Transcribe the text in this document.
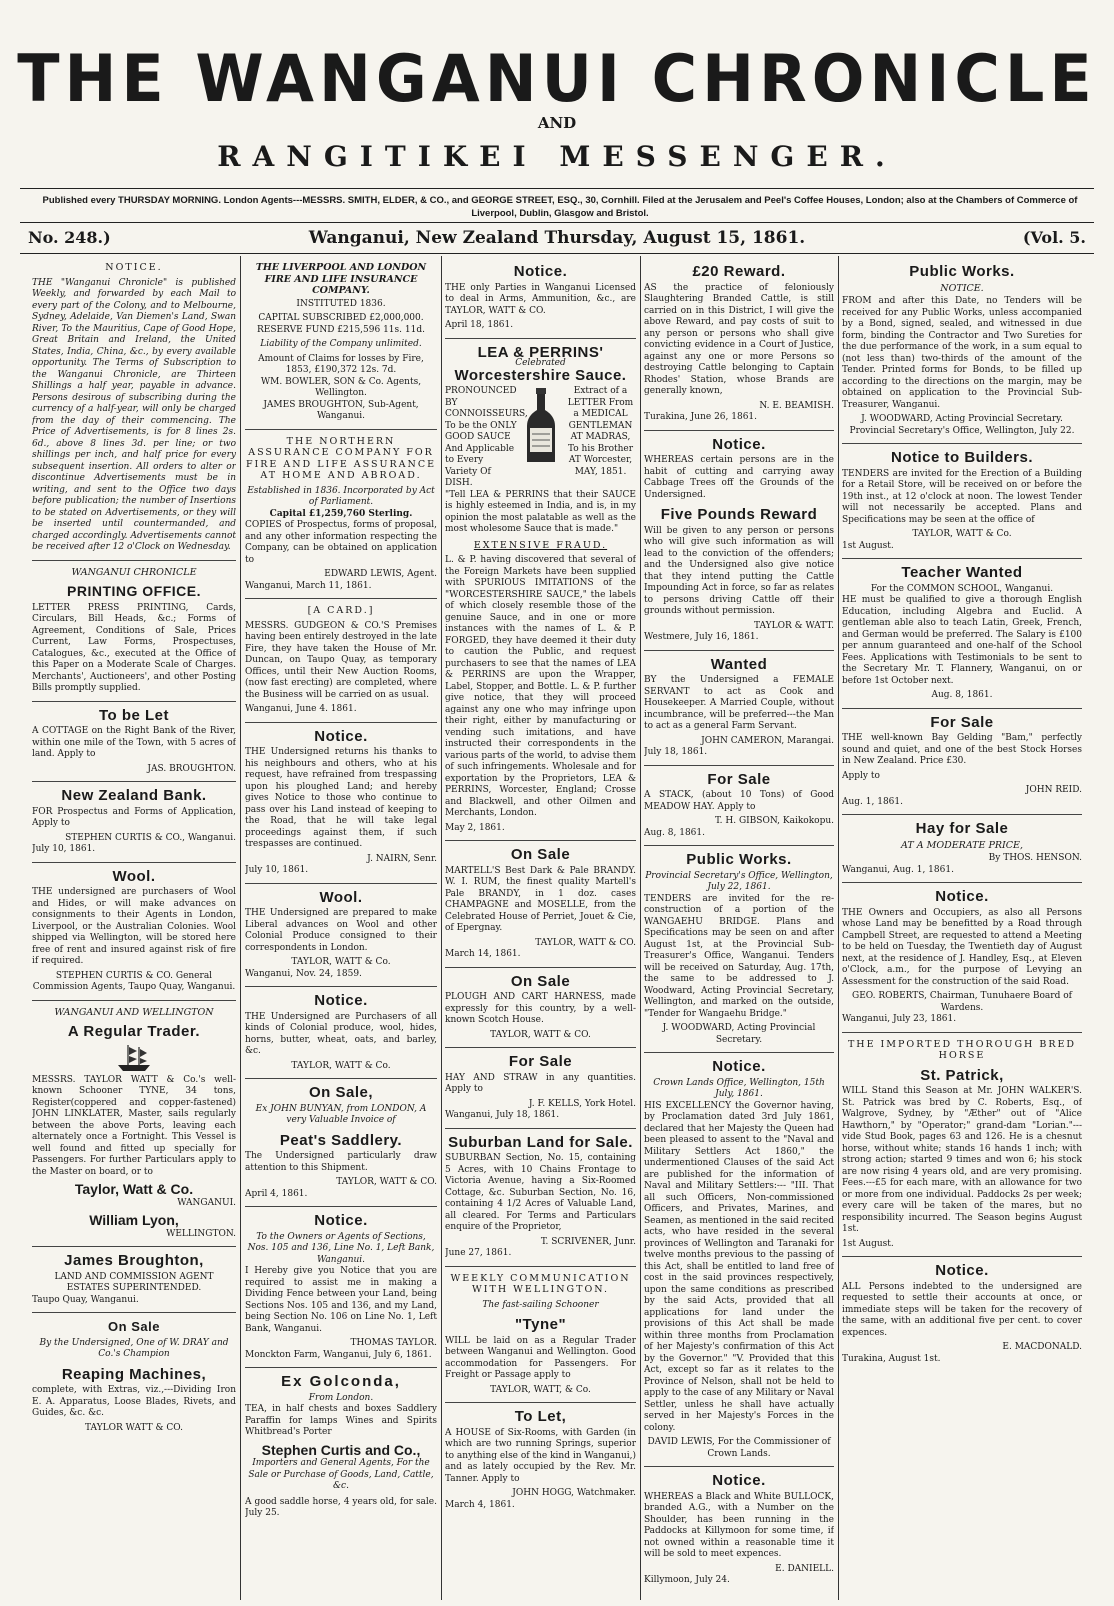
THE WANGANUI CHRONICLE
AND
RANGITIKEI MESSENGER.
Published every THURSDAY MORNING. London Agents---MESSRS. SMITH, ELDER, & CO., and GEORGE STREET, ESQ., 30, Cornhill. Filed at the Jerusalem and Peel's Coffee Houses, London; also at the Chambers of Commerce of Liverpool, Dublin, Glasgow and Bristol.
No. 248.)	Wanganui, New Zealand Thursday, August 15, 1861.	(Vol. 5.
NOTICE.
THE "Wanganui Chronicle" is published Weekly, and forwarded by each Mail to every part of the Colony, and to Melbourne, Sydney, Adelaide, Van Diemen's Land, Swan River, To the Mauritius, Cape of Good Hope, Great Britain and Ireland, the United States, India, China, &c., by every available opportunity. The Terms of Subscription to the Wanganui Chronicle, are Thirteen Shillings a half year, payable in advance. Persons desirous of subscribing during the currency of a half-year, will only be charged from the day of their commencing. The Price of Advertisements, is for 8 lines 2s. 6d., above 8 lines 3d. per line; or two shillings per inch, and half price for every subsequent insertion. All orders to alter or discontinue Advertisements must be in writing, and sent to the Office two days before publication; the number of Insertions to be stated on Advertisements, or they will be inserted until countermanded, and charged accordingly. Advertisements cannot be received after 12 o'Clock on Wednesday.
WANGANUI CHRONICLE
PRINTING OFFICE.
LETTER PRESS PRINTING, Cards, Circulars, Bill Heads, &c.; Forms of Agreement, Conditions of Sale, Prices Current, Law Forms, Prospectuses, Catalogues, &c., executed at the Office of this Paper on a Moderate Scale of Charges. Merchants', Auctioneers', and other Posting Bills promptly supplied.
To be Let
A COTTAGE on the Right Bank of the River, within one mile of the Town, with 5 acres of land. Apply to
JAS. BROUGHTON.
New Zealand Bank.
FOR Prospectus and Forms of Application, Apply to
STEPHEN CURTIS & CO., Wanganui.
July 10, 1861.
Wool.
THE undersigned are purchasers of Wool and Hides, or will make advances on consignments to their Agents in London, Liverpool, or the Australian Colonies. Wool shipped via Wellington, will be stored here free of rent and insured against risk of fire if required.
STEPHEN CURTIS & CO. General Commission Agents, Taupo Quay, Wanganui.
WANGANUI AND WELLINGTON
A Regular Trader.
MESSRS. TAYLOR WATT & Co.'s well-known Schooner TYNE, 34 tons, Register(coppered and copper-fastened) JOHN LINKLATER, Master, sails regularly between the above Ports, leaving each alternately once a Fortnight. This Vessel is well found and fitted up specially for Passengers. For further Particulars apply to the Master on board, or to
Taylor, Watt & Co.
WANGANUI.
William Lyon,
WELLINGTON.
James Broughton,
LAND AND COMMISSION AGENT ESTATES SUPERINTENDED.
Taupo Quay, Wanganui.
On Sale
By the Undersigned, One of W. DRAY and Co.'s Champion
Reaping Machines,
complete, with Extras, viz.,---Dividing Iron E. A. Apparatus, Loose Blades, Rivets, and Guides, &c. &c.
TAYLOR WATT & CO.
THE LIVERPOOL AND LONDON FIRE AND LIFE INSURANCE COMPANY.
INSTITUTED 1836.
CAPITAL SUBSCRIBED £2,000,000. RESERVE FUND £215,596 11s. 11d.
Liability of the Company unlimited.
Amount of Claims for losses by Fire, 1853, £190,372 12s. 7d.
WM. BOWLER, SON & Co. Agents, Wellington.
JAMES BROUGHTON, Sub-Agent, Wanganui.
THE NORTHERN ASSURANCE COMPANY FOR FIRE AND LIFE ASSURANCE AT HOME AND ABROAD.
Established in 1836. Incorporated by Act of Parliament.
Capital £1,259,760 Sterling.
COPIES of Prospectus, forms of proposal, and any other information respecting the Company, can be obtained on application to
EDWARD LEWIS, Agent.
Wanganui, March 11, 1861.
[A CARD.]
MESSRS. GUDGEON & CO.'S Premises having been entirely destroyed in the late Fire, they have taken the House of Mr. Duncan, on Taupo Quay, as temporary Offices, until their New Auction Rooms, (now fast erecting) are completed, where the Business will be carried on as usual.
Wanganui, June 4. 1861.
Notice.
THE Undersigned returns his thanks to his neighbours and others, who at his request, have refrained from trespassing upon his ploughed Land; and hereby gives Notice to those who continue to pass over his Land instead of keeping to the Road, that he will take legal proceedings against them, if such trespasses are continued.
J. NAIRN, Senr.
July 10, 1861.
Wool.
THE Undersigned are prepared to make Liberal advances on Wool and other Colonial Produce consigned to their correspondents in London.
TAYLOR, WATT & Co.
Wanganui, Nov. 24, 1859.
Notice.
THE Undersigned are Purchasers of all kinds of Colonial produce, wool, hides, horns, butter, wheat, oats, and barley, &c.
TAYLOR, WATT & Co.
On Sale,
Ex JOHN BUNYAN, from LONDON, A very Valuable Invoice of
Peat's Saddlery.
The Undersigned particularly draw attention to this Shipment.
TAYLOR, WATT & CO.
April 4, 1861.
Notice.
To the Owners or Agents of Sections, Nos. 105 and 136, Line No. 1, Left Bank, Wanganui.
I Hereby give you Notice that you are required to assist me in making a Dividing Fence between your Land, being Sections Nos. 105 and 136, and my Land, being Section No. 106 on Line No. 1, Left Bank, Wanganui.
THOMAS TAYLOR.
Monckton Farm, Wanganui, July 6, 1861.
Ex Golconda,
From London.
TEA, in half chests and boxes Saddlery Paraffin for lamps Wines and Spirits Whitbread's Porter
Stephen Curtis and Co.,
Importers and General Agents, For the Sale or Purchase of Goods, Land, Cattle, &c.
A good saddle horse, 4 years old, for sale. July 25.
Notice.
THE only Parties in Wanganui Licensed to deal in Arms, Ammunition, &c., are TAYLOR, WATT & CO.
April 18, 1861.
LEA & PERRINS'
Celebrated
Worcestershire Sauce.
PRONOUNCED BY CONNOISSEURS, To be the ONLY GOOD SAUCE And Applicable to Every Variety Of DISH.
Extract of a LETTER From a MEDICAL GENTLEMAN AT MADRAS, To his Brother AT Worcester, MAY, 1851.
"Tell LEA & PERRINS that their SAUCE is highly esteemed in India, and is, in my opinion the most palatable as well as the most wholesome Sauce that is made."
EXTENSIVE FRAUD.
L. & P. having discovered that several of the Foreign Markets have been supplied with SPURIOUS IMITATIONS of the "WORCESTERSHIRE SAUCE," the labels of which closely resemble those of the genuine Sauce, and in one or more instances with the names of L. & P. FORGED, they have deemed it their duty to caution the Public, and request purchasers to see that the names of LEA & PERRINS are upon the Wrapper, Label, Stopper, and Bottle. L. & P. further give notice, that they will proceed against any one who may infringe upon their right, either by manufacturing or vending such imitations, and have instructed their correspondents in the various parts of the world, to advise them of such infringements. Wholesale and for exportation by the Proprietors, LEA & PERRINS, Worcester, England; Crosse and Blackwell, and other Oilmen and Merchants, London.
May 2, 1861.
On Sale
MARTELL'S Best Dark & Pale BRANDY. W. I. RUM, the finest quality Martell's Pale BRANDY, in 1 doz. cases CHAMPAGNE and MOSELLE, from the Celebrated House of Perriet, Jouet & Cie, of Epergnay.
TAYLOR, WATT & CO.
March 14, 1861.
On Sale
PLOUGH AND CART HARNESS, made expressly for this country, by a well-known Scotch House.
TAYLOR, WATT & CO.
For Sale
HAY AND STRAW in any quantities. Apply to
J. F. KELLS, York Hotel.
Wanganui, July 18, 1861.
Suburban Land for Sale.
SUBURBAN Section, No. 15, containing 5 Acres, with 10 Chains Frontage to Victoria Avenue, having a Six-Roomed Cottage, &c. Suburban Section, No. 16, containing 4 1/2 Acres of Valuable Land, all cleared. For Terms and Particulars enquire of the Proprietor,
T. SCRIVENER, Junr.
June 27, 1861.
WEEKLY COMMUNICATION WITH WELLINGTON.
The fast-sailing Schooner
"Tyne"
WILL be laid on as a Regular Trader between Wanganui and Wellington. Good accommodation for Passengers. For Freight or Passage apply to
TAYLOR, WATT, & Co.
To Let,
A HOUSE of Six-Rooms, with Garden (in which are two running Springs, superior to anything else of the kind in Wanganui,) and as lately occupied by the Rev. Mr. Tanner. Apply to
JOHN HOGG, Watchmaker.
March 4, 1861.
£20 Reward.
AS the practice of feloniously Slaughtering Branded Cattle, is still carried on in this District, I will give the above Reward, and pay costs of suit to any person or persons who shall give convicting evidence in a Court of Justice, against any one or more Persons so destroying Cattle belonging to Captain Rhodes' Station, whose Brands are generally known,
N. E. BEAMISH.
Turakina, June 26, 1861.
Notice.
WHEREAS certain persons are in the habit of cutting and carrying away Cabbage Trees off the Grounds of the Undersigned.
Five Pounds Reward
Will be given to any person or persons who will give such information as will lead to the conviction of the offenders; and the Undersigned also give notice that they intend putting the Cattle Impounding Act in force, so far as relates to persons driving Cattle off their grounds without permission.
TAYLOR & WATT.
Westmere, July 16, 1861.
Wanted
BY the Undersigned a FEMALE SERVANT to act as Cook and Housekeeper. A Married Couple, without incumbrance, will be preferred---the Man to act as a general Farm Servant.
JOHN CAMERON, Marangai.
July 18, 1861.
For Sale
A STACK, (about 10 Tons) of Good MEADOW HAY. Apply to
T. H. GIBSON, Kaikokopu.
Aug. 8, 1861.
Public Works.
Provincial Secretary's Office, Wellington, July 22, 1861.
TENDERS are invited for the re-construction of a portion of the WANGAEHU BRIDGE. Plans and Specifications may be seen on and after August 1st, at the Provincial Sub-Treasurer's Office, Wanganui. Tenders will be received on Saturday, Aug. 17th, the same to be addressed to J. Woodward, Acting Provincial Secretary, Wellington, and marked on the outside, "Tender for Wangaehu Bridge."
J. WOODWARD, Acting Provincial Secretary.
Notice.
Crown Lands Office, Wellington, 15th July, 1861.
HIS EXCELLENCY the Governor having, by Proclamation dated 3rd July 1861, declared that her Majesty the Queen had been pleased to assent to the "Naval and Military Settlers Act 1860," the undermentioned Clauses of the said Act are published for the information of Naval and Military Settlers:--- "III. That all such Officers, Non-commissioned Officers, and Privates, Marines, and Seamen, as mentioned in the said recited acts, who have resided in the several provinces of Wellington and Taranaki for twelve months previous to the passing of this Act, shall be entitled to land free of cost in the said provinces respectively, upon the same conditions as prescribed by the said Acts, provided that all applications for land under the provisions of this Act shall be made within three months from Proclamation of her Majesty's confirmation of this Act by the Governor." "V. Provided that this Act, except so far as it relates to the Province of Nelson, shall not be held to apply to the case of any Military or Naval Settler, unless he shall have actually served in her Majesty's Forces in the colony.
DAVID LEWIS, For the Commissioner of Crown Lands.
Notice.
WHEREAS a Black and White BULLOCK, branded A.G., with a Number on the Shoulder, has been running in the Paddocks at Killymoon for some time, if not owned within a reasonable time it will be sold to meet expences.
E. DANIELL.
Killymoon, July 24.
Public Works.
NOTICE.
FROM and after this Date, no Tenders will be received for any Public Works, unless accompanied by a Bond, signed, sealed, and witnessed in due form, binding the Contractor and Two Sureties for the due performance of the work, in a sum equal to (not less than) two-thirds of the amount of the Tender. Printed forms for Bonds, to be filled up according to the directions on the margin, may be obtained on application to the Provincial Sub-Treasurer, Wanganui.
J. WOODWARD, Acting Provincial Secretary.
Provincial Secretary's Office, Wellington, July 22.
Notice to Builders.
TENDERS are invited for the Erection of a Building for a Retail Store, will be received on or before the 19th inst., at 12 o'clock at noon. The lowest Tender will not necessarily be accepted. Plans and Specifications may be seen at the office of
TAYLOR, WATT & Co.
1st August.
Teacher Wanted
For the COMMON SCHOOL, Wanganui.
HE must be qualified to give a thorough English Education, including Algebra and Euclid. A gentleman able also to teach Latin, Greek, French, and German would be preferred. The Salary is £100 per annum guaranteed and one-half of the School Fees. Applications with Testimonials to be sent to the Secretary Mr. T. Flannery, Wanganui, on or before 1st October next.
Aug. 8, 1861.
For Sale
THE well-known Bay Gelding "Bam," perfectly sound and quiet, and one of the best Stock Horses in New Zealand. Price £30.
Apply to
JOHN REID.
Aug. 1, 1861.
Hay for Sale
AT A MODERATE PRICE,
By THOS. HENSON.
Wanganui, Aug. 1, 1861.
Notice.
THE Owners and Occupiers, as also all Persons whose Land may be benefitted by a Road through Campbell Street, are requested to attend a Meeting to be held on Tuesday, the Twentieth day of August next, at the residence of J. Handley, Esq., at Eleven o'Clock, a.m., for the purpose of Levying an Assessment for the construction of the said Road.
GEO. ROBERTS, Chairman, Tunuhaere Board of Wardens.
Wanganui, July 23, 1861.
THE IMPORTED THOROUGH BRED HORSE
St. Patrick,
WILL Stand this Season at Mr. JOHN WALKER'S. St. Patrick was bred by C. Roberts, Esq., of Walgrove, Sydney, by "Æther" out of "Alice Hawthorn," by "Operator;" grand-dam "Lorian."---vide Stud Book, pages 63 and 126. He is a chesnut horse, without white; stands 16 hands 1 inch; with strong action; started 9 times and won 6; his stock are now rising 4 years old, and are very promising. Fees.---£5 for each mare, with an allowance for two or more from one individual. Paddocks 2s per week; every care will be taken of the mares, but no responsibility incurred. The Season begins August 1st.
1st August.
Notice.
ALL Persons indebted to the undersigned are requested to settle their accounts at once, or immediate steps will be taken for the recovery of the same, with an additional five per cent. to cover expences.
E. MACDONALD.
Turakina, August 1st.
